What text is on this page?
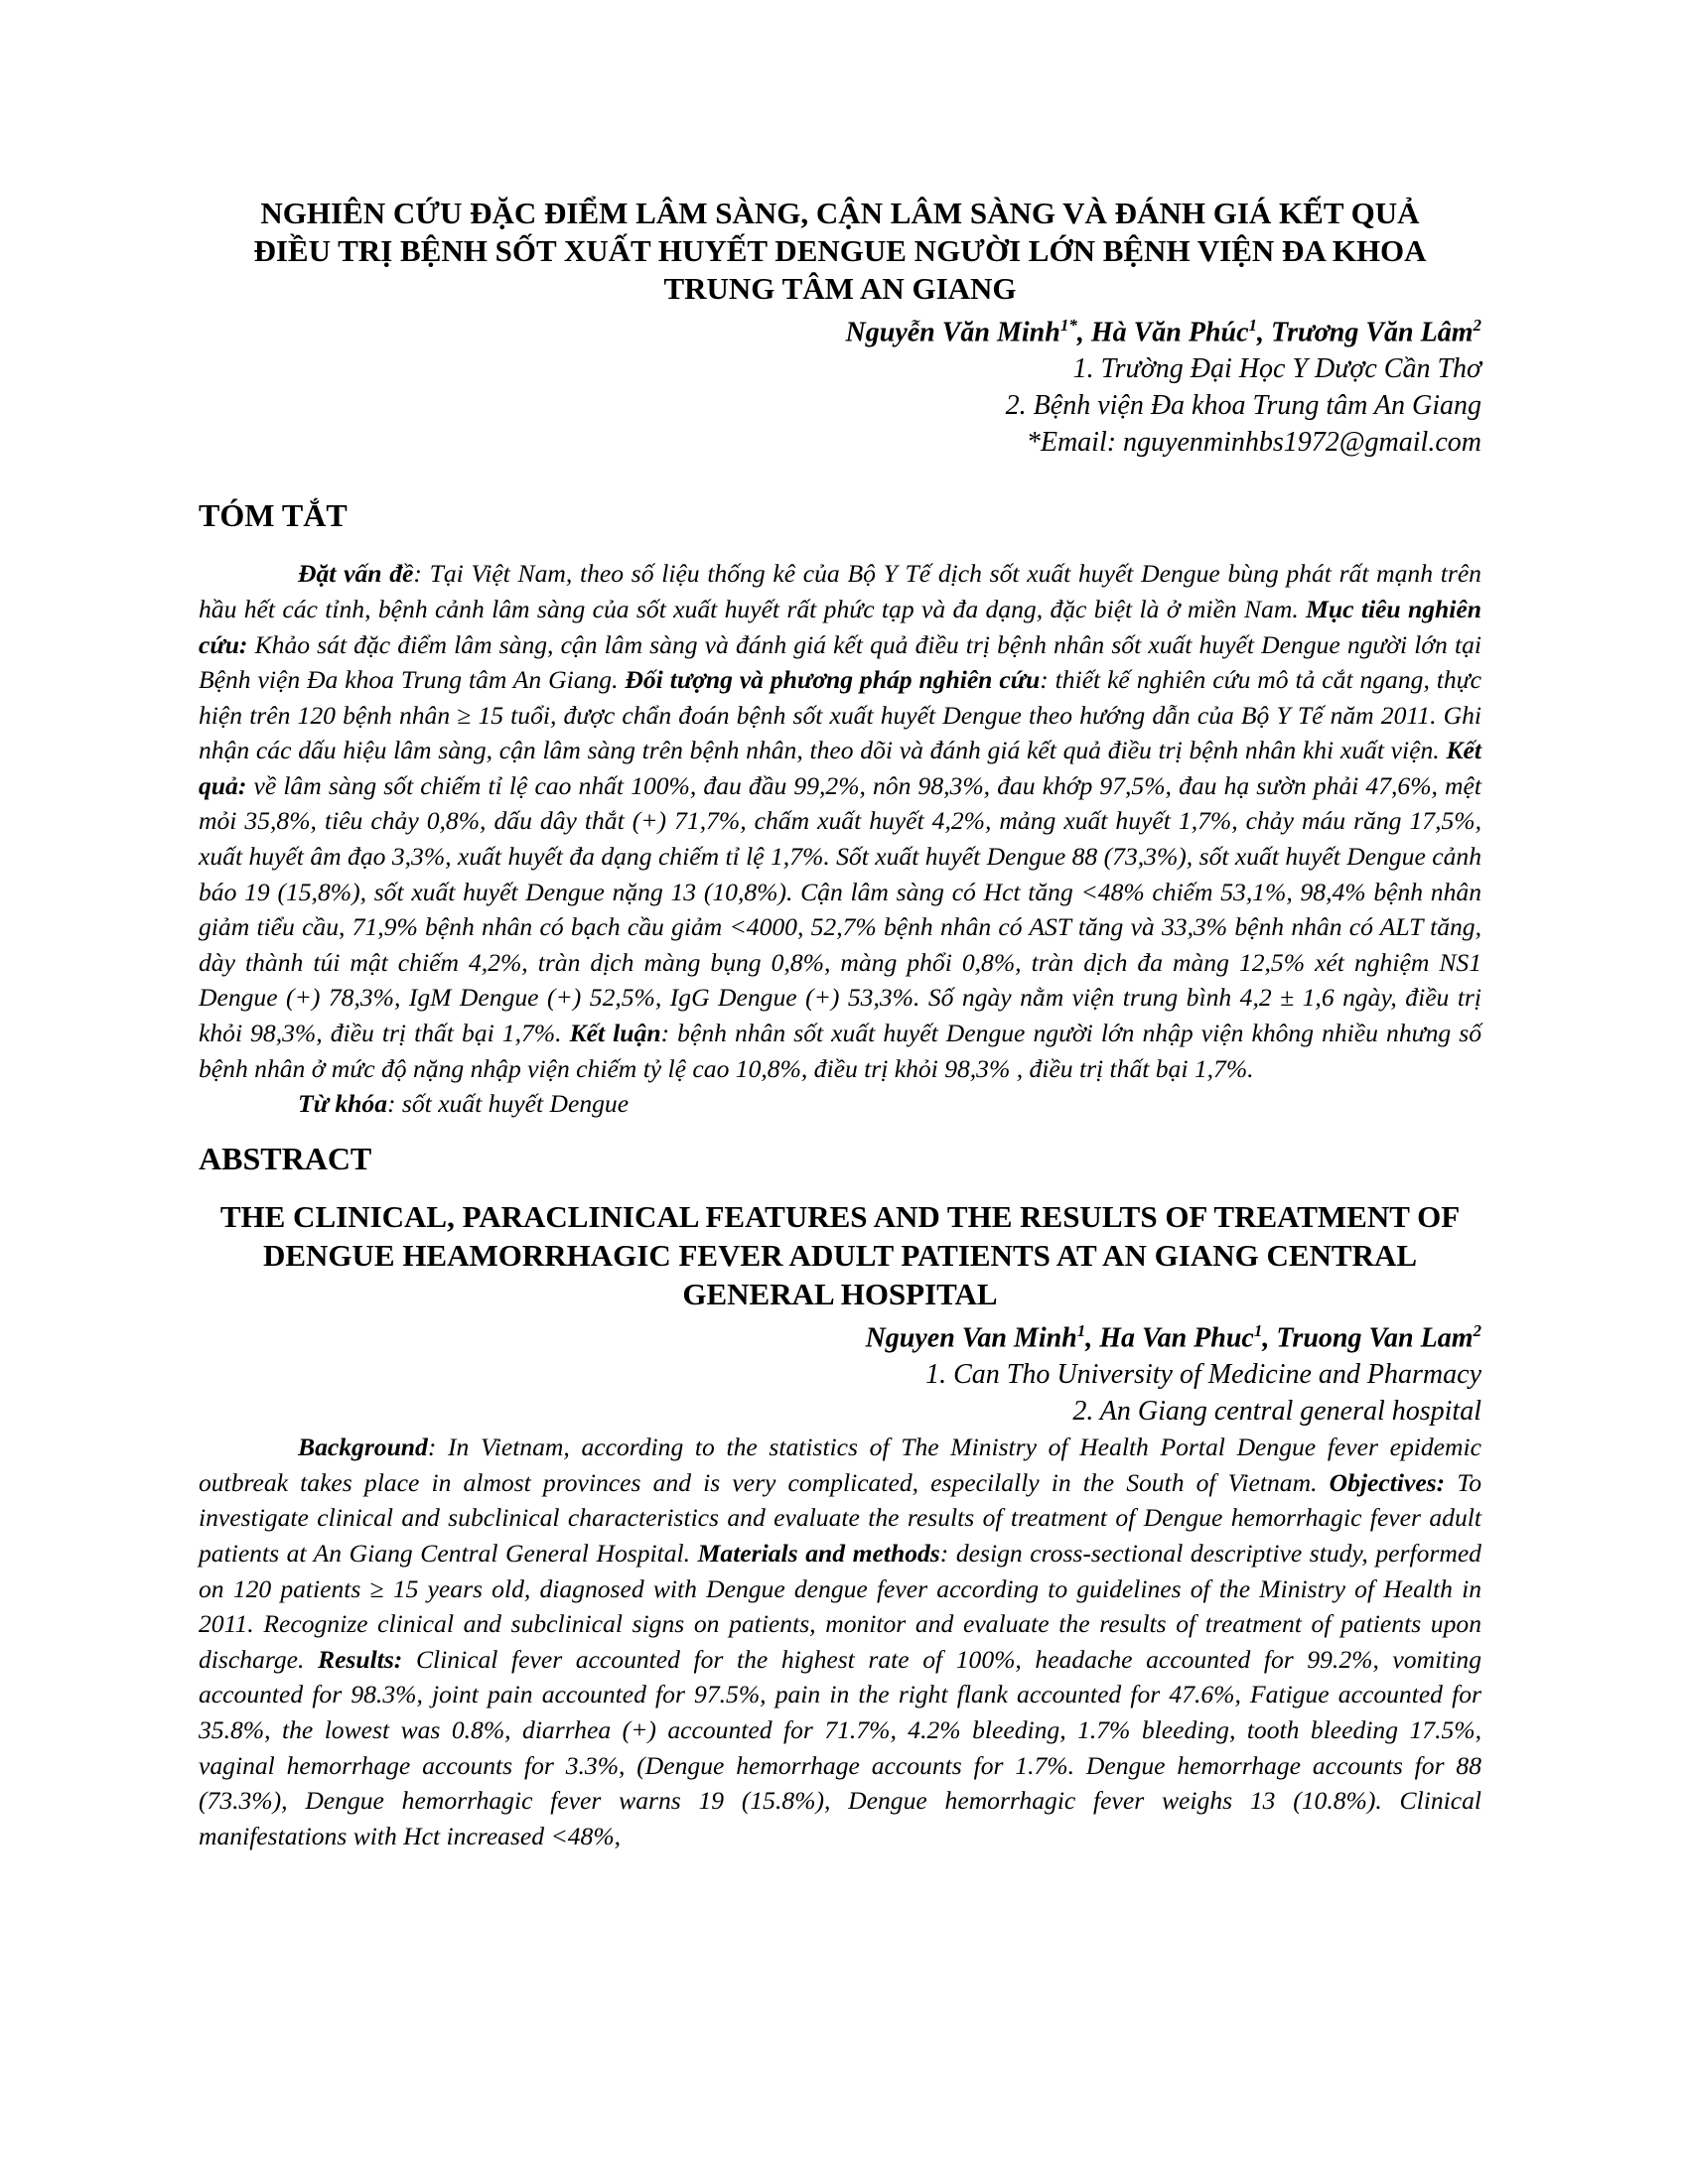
NGHIÊN CỨU ĐẶC ĐIỂM LÂM SÀNG, CẬN LÂM SÀNG VÀ ĐÁNH GIÁ KẾT QUẢ ĐIỀU TRỊ BỆNH SỐT XUẤT HUYẾT DENGUE NGƯỜI LỚN BỆNH VIỆN ĐA KHOA TRUNG TÂM AN GIANG

Nguyễn Văn Minh$^{1*}$, Hà Văn Phúc$^1$, Trương Văn Lâm$^2$

1. Trường Đại Học Y Dược Cần Thơ

2. Bệnh viện Đa khoa Trung tâm An Giang

*Email: nguyenminhbs1972@gmail.com

TÓM TẮT

Đặt vấn đề: Tại Việt Nam, theo số liệu thống kê của Bộ Y Tế dịch sốt xuất huyết Dengue bùng phát rất mạnh trên hầu hết các tỉnh, bệnh cảnh lâm sàng của sốt xuất huyết rất phức tạp và đa dạng, đặc biệt là ở miền Nam. Mục tiêu nghiên cứu: Khảo sát đặc điểm lâm sàng, cận lâm sàng và đánh giá kết quả điều trị bệnh nhân sốt xuất huyết Dengue người lớn tại Bệnh viện Đa khoa Trung tâm An Giang. Đối tượng và phương pháp nghiên cứu: thiết kế nghiên cứu mô tả cắt ngang, thực hiện trên 120 bệnh nhân ≥ 15 tuổi, được chẩn đoán bệnh sốt xuất huyết Dengue theo hướng dẫn của Bộ Y Tế năm 2011. Ghi nhận các dấu hiệu lâm sàng, cận lâm sàng trên bệnh nhân, theo dõi và đánh giá kết quả điều trị bệnh nhân khi xuất viện. Kết quả: về lâm sàng sốt chiếm tỉ lệ cao nhất 100%, đau đầu 99,2%, nôn 98,3%, đau khớp 97,5%, đau hạ sườn phải 47,6%, mệt mỏi 35,8%, tiêu chảy 0,8%, dấu dây thắt (+) 71,7%, chấm xuất huyết 4,2%, mảng xuất huyết 1,7%, chảy máu răng 17,5%, xuất huyết âm đạo 3,3%, xuất huyết đa dạng chiếm tỉ lệ 1,7%. Sốt xuất huyết Dengue 88 (73,3%), sốt xuất huyết Dengue cảnh báo 19 (15,8%), sốt xuất huyết Dengue nặng 13 (10,8%). Cận lâm sàng có Hct tăng <48% chiếm 53,1%, 98,4% bệnh nhân giảm tiểu cầu, 71,9% bệnh nhân có bạch cầu giảm <4000, 52,7% bệnh nhân có AST tăng và 33,3% bệnh nhân có ALT tăng, dày thành túi mật chiếm 4,2%, tràn dịch màng bụng 0,8%, màng phổi 0,8%, tràn dịch đa màng 12,5% xét nghiệm NS1 Dengue (+) 78,3%, IgM Dengue (+) 52,5%, IgG Dengue (+) 53,3%. Số ngày nằm viện trung bình 4,2 ± 1,6 ngày, điều trị khỏi 98,3%, điều trị thất bại 1,7%. Kết luận: bệnh nhân sốt xuất huyết Dengue người lớn nhập viện không nhiều nhưng số bệnh nhân ở mức độ nặng nhập viện chiếm tỷ lệ cao 10,8%, điều trị khỏi 98,3% , điều trị thất bại 1,7%.

Từ khóa: sốt xuất huyết Dengue

ABSTRACT
THE CLINICAL, PARACLINICAL FEATURES AND THE RESULTS OF TREATMENT OF DENGUE HEAMORRHAGIC FEVER ADULT PATIENTS AT AN GIANG CENTRAL GENERAL HOSPITAL

Nguyen Van Minh$^1$, Ha Van Phuc$^1$, Truong Van Lam$^2$

1. Can Tho University of Medicine and Pharmacy

2. An Giang central general hospital

Background: In Vietnam, according to the statistics of The Ministry of Health Portal Dengue fever epidemic outbreak takes place in almost provinces and is very complicated, especilally in the South of Vietnam. Objectives: To investigate clinical and subclinical characteristics and evaluate the results of treatment of Dengue hemorrhagic fever adult patients at An Giang Central General Hospital. Materials and methods: design cross-sectional descriptive study, performed on 120 patients ≥ 15 years old, diagnosed with Dengue dengue fever according to guidelines of the Ministry of Health in 2011. Recognize clinical and subclinical signs on patients, monitor and evaluate the results of treatment of patients upon discharge. Results: Clinical fever accounted for the highest rate of 100%, headache accounted for 99.2%, vomiting accounted for 98.3%, joint pain accounted for 97.5%, pain in the right flank accounted for 47.6%, Fatigue accounted for 35.8%, the lowest was 0.8%, diarrhea (+) accounted for 71.7%, 4.2% bleeding, 1.7% bleeding, tooth bleeding 17.5%, vaginal hemorrhage accounts for 3.3%, (Dengue hemorrhage accounts for 1.7%. Dengue hemorrhage accounts for 88 (73.3%), Dengue hemorrhagic fever warns 19 (15.8%), Dengue hemorrhagic fever weighs 13 (10.8%). Clinical manifestations with Hct increased <48%,
